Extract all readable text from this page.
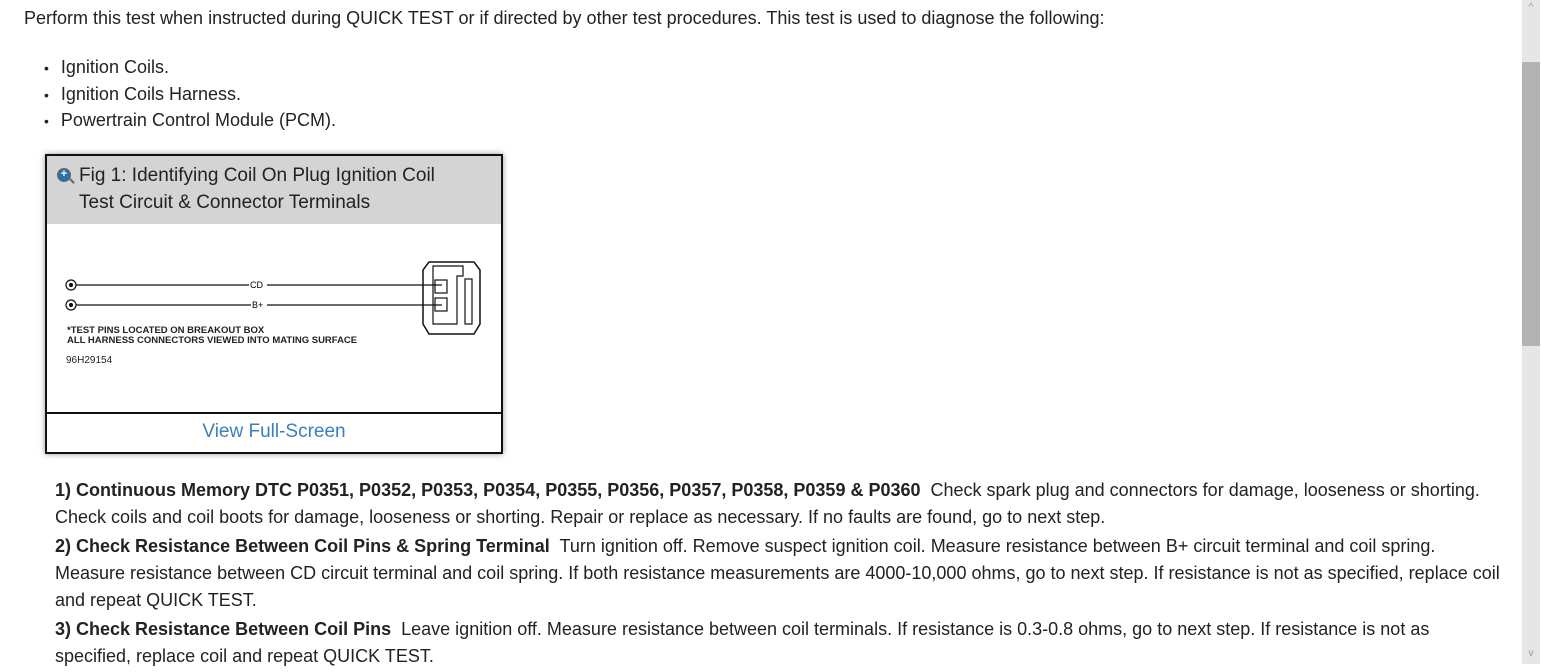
Perform this test when instructed during QUICK TEST or if directed by other test procedures. This test is used to diagnose the following:
• Ignition Coils.
• Ignition Coils Harness.
• Powertrain Control Module (PCM).
+ Fig 1: Identifying Coil On Plug Ignition Coil
Test Circuit & Connector Terminals
CD
B+
*TEST PINS LOCATED ON BREAKOUT BOX
ALL HARNESS CONNECTORS VIEWED INTO MATING SURFACE
96H29154
View Full-Screen

1) Continuous Memory DTC P0351, P0352, P0353, P0354, P0355, P0356, P0357, P0358, P0359 & P0360 Check spark plug and connectors for damage, looseness or shorting. Check coils and coil boots for damage, looseness or shorting. Repair or replace as necessary. If no faults are found, go to next step.

2) Check Resistance Between Coil Pins & Spring Terminal Turn ignition off. Remove suspect ignition coil. Measure resistance between B+ circuit terminal and coil spring. Measure resistance between CD circuit terminal and coil spring. If both resistance measurements are 4000-10,000 ohms, go to next step. If resistance is not as specified, replace coil and repeat QUICK TEST.

3) Check Resistance Between Coil Pins Leave ignition off. Measure resistance between coil terminals. If resistance is 0.3-0.8 ohms, go to next step. If resistance is not as specified, replace coil and repeat QUICK TEST.

^
v
